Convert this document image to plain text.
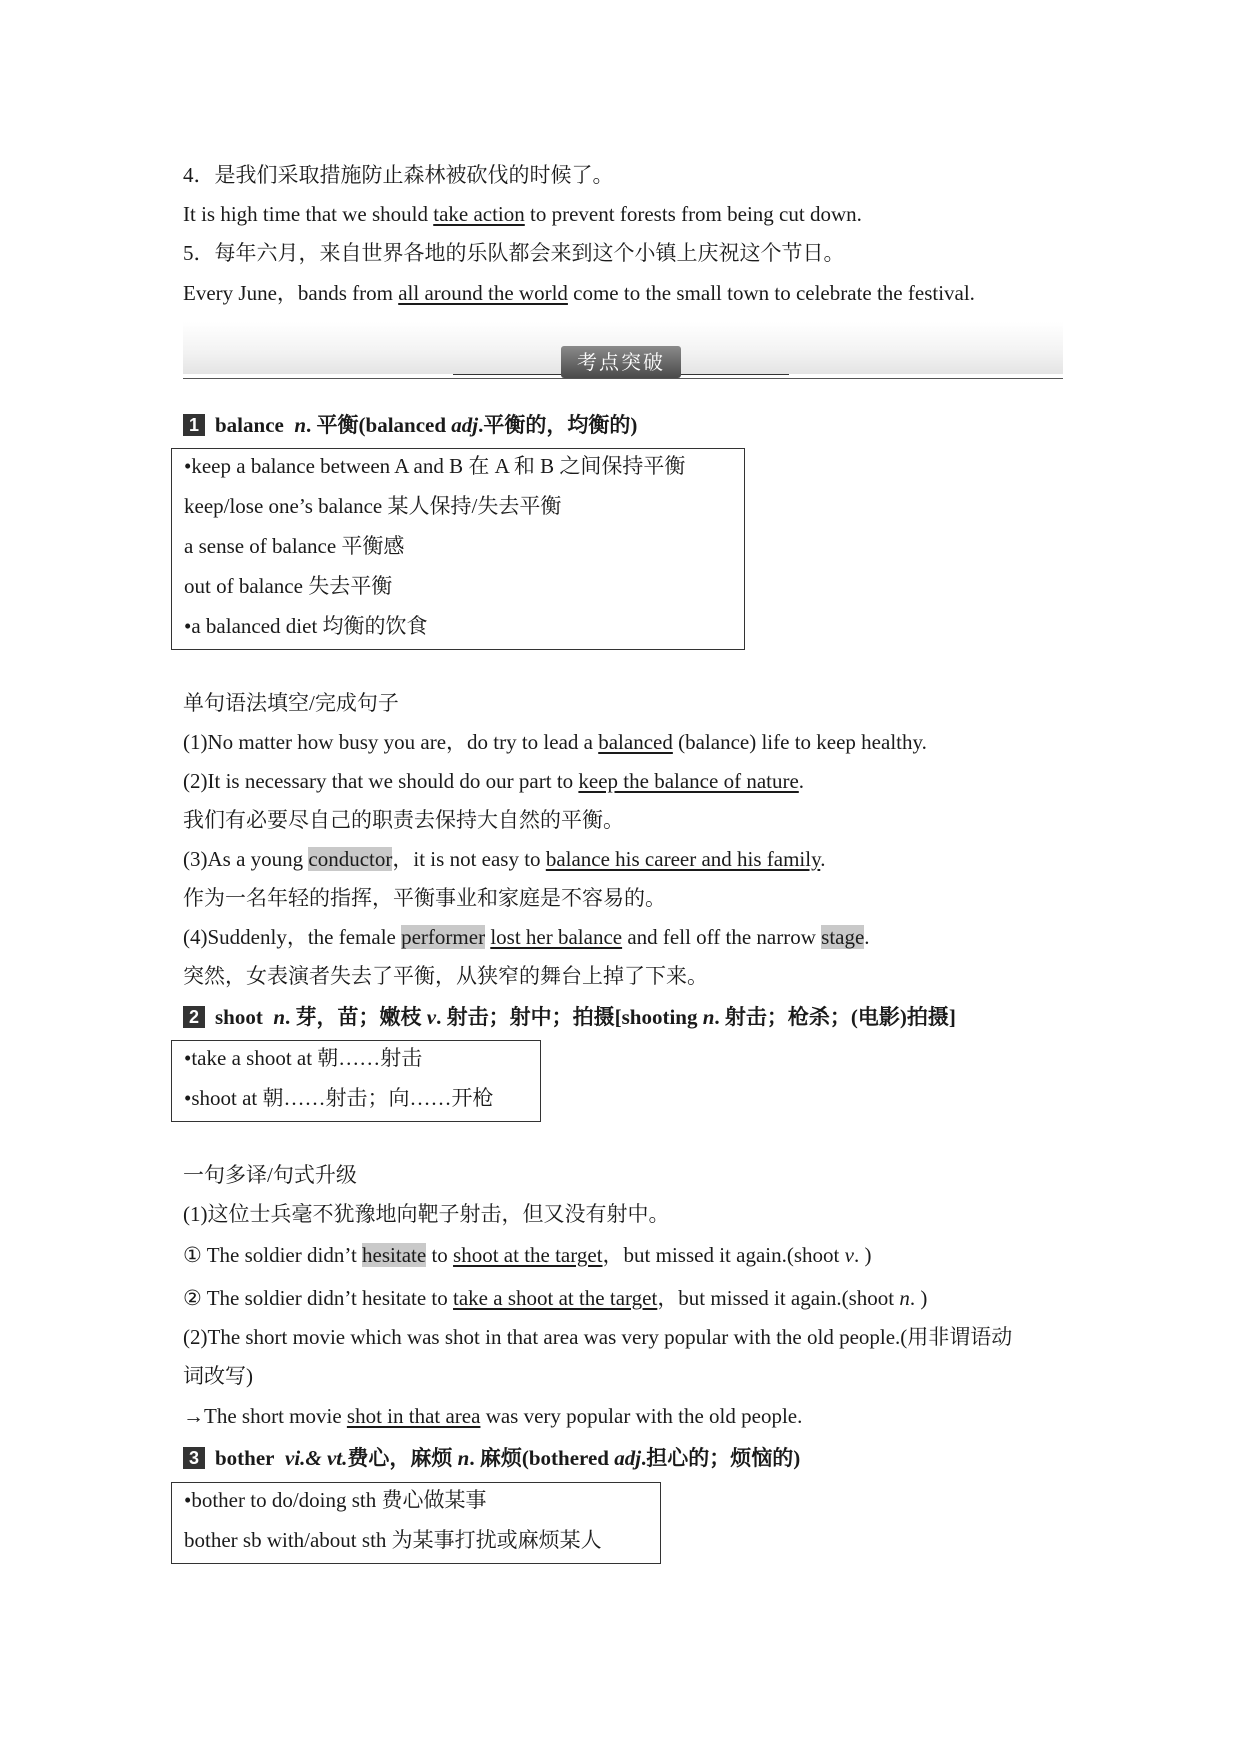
4．是我们采取措施防止森林被砍伐的时候了。
It is high time that we should take action to prevent forests from being cut down.
5．每年六月，来自世界各地的乐队都会来到这个小镇上庆祝这个节日。
Every June，bands from all around the world come to the small town to celebrate the festival.
考点突破
1 balance n. 平衡(balanced adj.平衡的，均衡的)
•keep a balance between A and B 在 A 和 B 之间保持平衡
keep/lose one’s balance 某人保持/失去平衡
a sense of balance 平衡感
out of balance 失去平衡
•a balanced diet 均衡的饮食
单句语法填空/完成句子
(1)No matter how busy you are，do try to lead a balanced (balance) life to keep healthy.
(2)It is necessary that we should do our part to keep the balance of nature.
我们有必要尽自己的职责去保持大自然的平衡。
(3)As a young conductor，it is not easy to balance his career and his family.
作为一名年轻的指挥，平衡事业和家庭是不容易的。
(4)Suddenly，the female performer lost her balance and fell off the narrow stage.
突然，女表演者失去了平衡，从狭窄的舞台上掉了下来。
2 shoot n. 芽，苗；嫩枝 v. 射击；射中；拍摄[shooting n. 射击；枪杀；(电影)拍摄]
•take a shoot at 朝……射击
•shoot at 朝……射击；向……开枪
一句多译/句式升级
(1)这位士兵毫不犹豫地向靶子射击，但又没有射中。
① The soldier didn’t hesitate to shoot at the target，but missed it again.(shoot v. )
② The soldier didn’t hesitate to take a shoot at the target，but missed it again.(shoot n. )
(2)The short movie which was shot in that area was very popular with the old people.(用非谓语动
词改写)
→The short movie shot in that area was very popular with the old people.
3 bother vi.& vt.费心，麻烦 n. 麻烦(bothered adj.担心的；烦恼的)
•bother to do/doing sth 费心做某事
bother sb with/about sth 为某事打扰或麻烦某人
